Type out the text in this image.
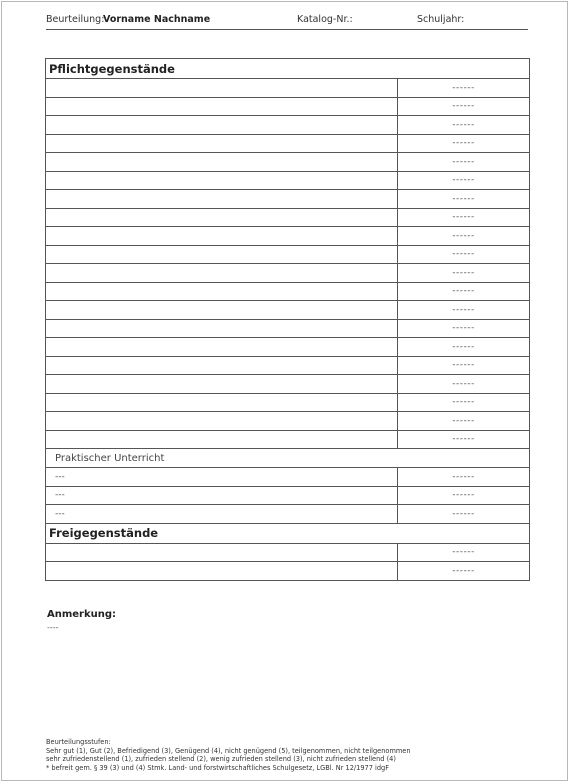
Beurteilung:
Vorname Nachname	Katalog-Nr.:	Schuljahr:
Pflichtgegenstände	
	------
	------
	------
	------
	------
	------
	------
	------
	------
	------
	------
	------
	------
	------
	------
	------
	------
	------
	------
	------
Praktischer Unterricht	
---	------
---	------
---	------
Freigegenstände	
	------
	------
Anmerkung:
----
Beurteilungsstufen:
Sehr gut (1), Gut (2), Befriedigend (3), Genügend (4), nicht genügend (5), teilgenommen, nicht teilgenommen
sehr zufriedenstellend (1), zufrieden stellend (2), wenig zufrieden stellend (3), nicht zufrieden stellend (4)
* befreit gem. § 39 (3) und (4) Stmk. Land- und forstwirtschaftliches Schulgesetz, LGBl. Nr 12/1977 idgF
